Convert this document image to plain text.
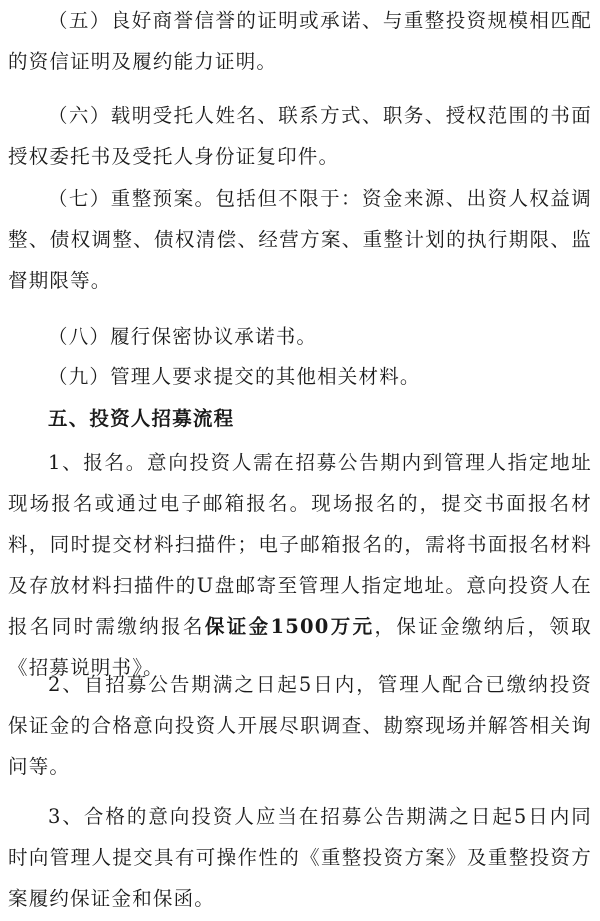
（五）良好商誉信誉的证明或承诺、与重整投资规模相匹配的资信证明及履约能力证明。

（六）载明受托人姓名、联系方式、职务、授权范围的书面授权委托书及受托人身份证复印件。

（七）重整预案。包括但不限于：资金来源、出资人权益调整、债权调整、债权清偿、经营方案、重整计划的执行期限、监督期限等。

（八）履行保密协议承诺书。

（九）管理人要求提交的其他相关材料。

五、投资人招募流程

1、报名。意向投资人需在招募公告期内到管理人指定地址现场报名或通过电子邮箱报名。现场报名的，提交书面报名材料，同时提交材料扫描件；电子邮箱报名的，需将书面报名材料及存放材料扫描件的U盘邮寄至管理人指定地址。意向投资人在报名同时需缴纳报名保证金1500万元，保证金缴纳后，领取《招募说明书》。

2、自招募公告期满之日起5日内，管理人配合已缴纳投资保证金的合格意向投资人开展尽职调查、勘察现场并解答相关询问等。

3、合格的意向投资人应当在招募公告期满之日起5日内同时向管理人提交具有可操作性的《重整投资方案》及重整投资方案履约保证金和保函。
